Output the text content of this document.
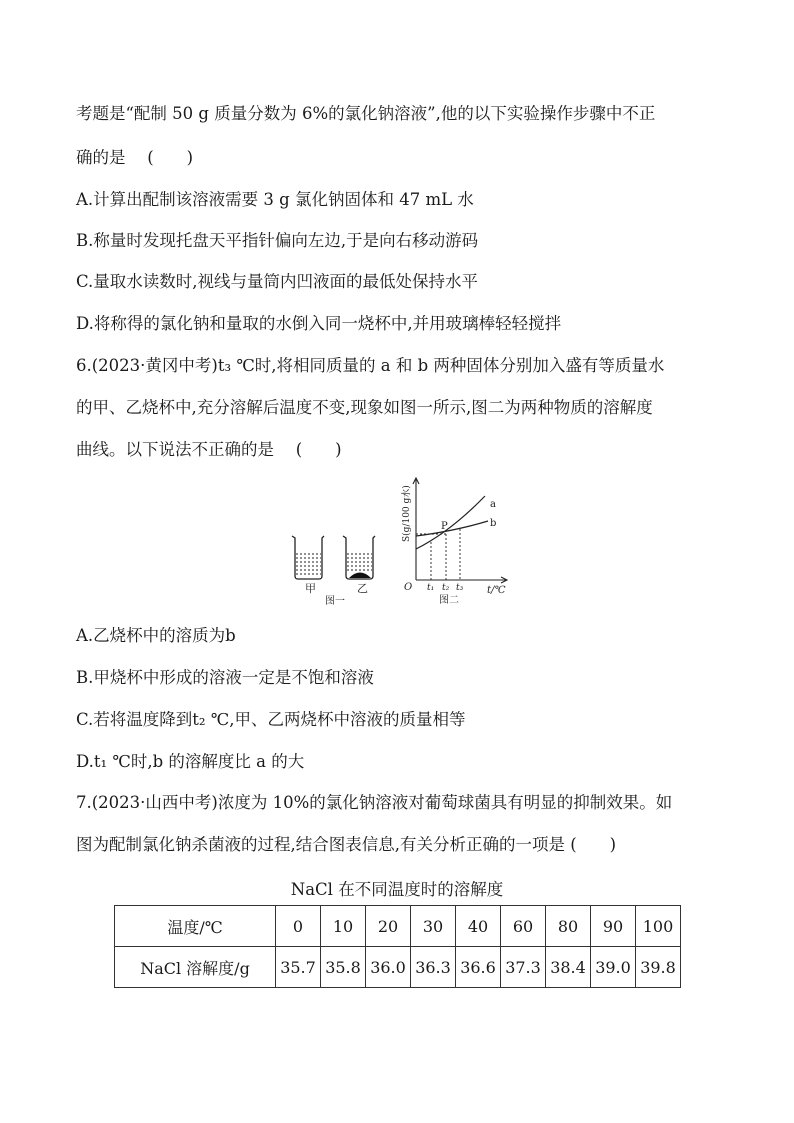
考题是“配制 50 g 质量分数为 6%的氯化钠溶液”,他的以下实验操作步骤中不正
确的是　 (　　)
A.计算出配制该溶液需要 3 g 氯化钠固体和 47 mL 水
B.称量时发现托盘天平指针偏向左边,于是向右移动游码
C.量取水读数时,视线与量筒内凹液面的最低处保持水平
D.将称得的氯化钠和量取的水倒入同一烧杯中,并用玻璃棒轻轻搅拌
6.(2023·黄冈中考)t₃ ℃时,将相同质量的 a 和 b 两种固体分别加入盛有等质量水
的甲、乙烧杯中,充分溶解后温度不变,现象如图一所示,图二为两种物质的溶解度
曲线。以下说法不正确的是　 (　　)
A.乙烧杯中的溶质为b
B.甲烧杯中形成的溶液一定是不饱和溶液
C.若将温度降到t₂ ℃,甲、乙两烧杯中溶液的质量相等
D.t₁ ℃时,b 的溶解度比 a 的大
7.(2023·山西中考)浓度为 10%的氯化钠溶液对葡萄球菌具有明显的抑制效果。如
图为配制氯化钠杀菌液的过程,结合图表信息,有关分析正确的一项是 (　　)
甲	乙
图一
S(g/100 g水)
t/℃
O
a
b
P
t₁ t₂ t₃
图二
NaCl 在不同温度时的溶解度
温度/℃	0	10	20	30	40	60	80	90	100
NaCl 溶解度/g	35.7	35.8	36.0	36.3	36.6	37.3	38.4	39.0	39.8
